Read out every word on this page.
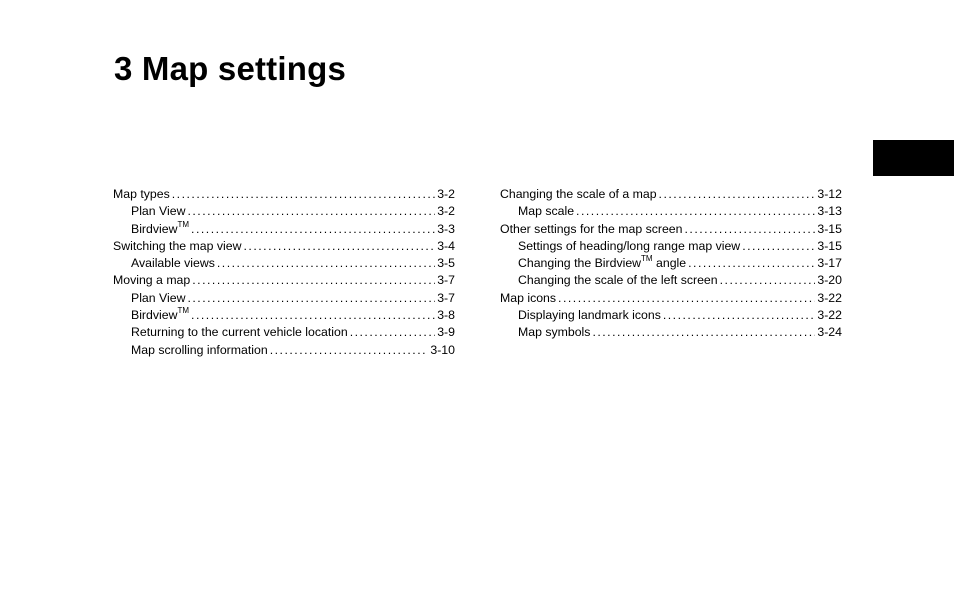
3 Map settings
Map types .....	3-2
Plan View .....	3-2
Birdview™ .....	3-3
Switching the map view .....	3-4
Available views .....	3-5
Moving a map .....	3-7
Plan View .....	3-7
Birdview™ .....	3-8
Returning to the current vehicle location .....	3-9
Map scrolling information .....	3-10
Changing the scale of a map .....	3-12
Map scale .....	3-13
Other settings for the map screen .....	3-15
Settings of heading/long range map view .....	3-15
Changing the Birdview™ angle .....	3-17
Changing the scale of the left screen .....	3-20
Map icons .....	3-22
Displaying landmark icons .....	3-22
Map symbols .....	3-24
